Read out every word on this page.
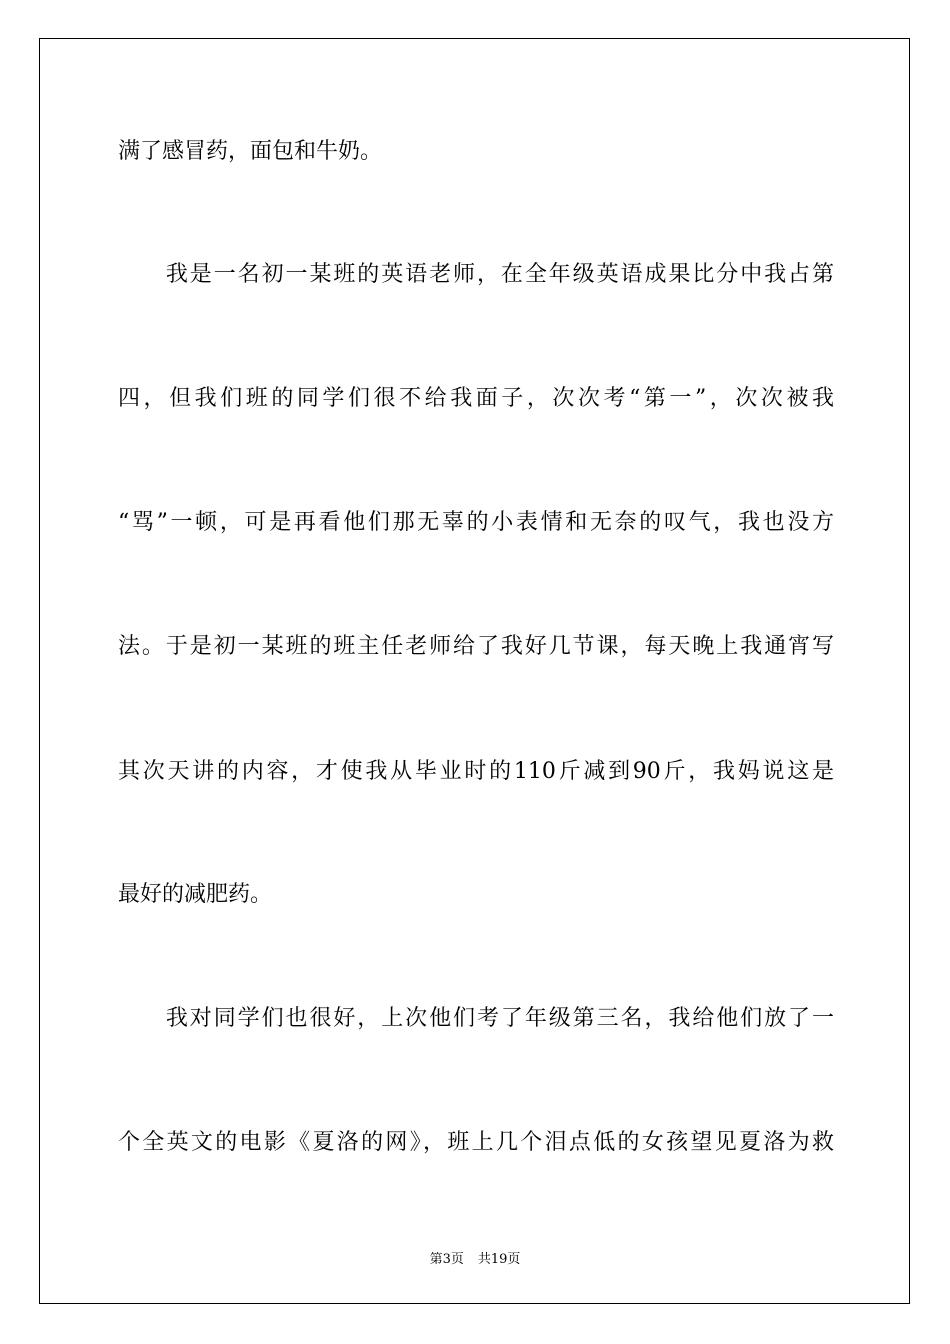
满了感冒药，面包和牛奶。
　　我是一名初一某班的英语老师，在全年级英语成果比分中我占第
四，但我们班的同学们很不给我面子，次次考“第一”，次次被我
“骂”一顿，可是再看他们那无辜的小表情和无奈的叹气，我也没方
法。于是初一某班的班主任老师给了我好几节课，每天晚上我通宵写
其次天讲的内容，才使我从毕业时的110斤减到90斤，我妈说这是
最好的减肥药。
　　我对同学们也很好，上次他们考了年级第三名，我给他们放了一
个全英文的电影《夏洛的网》，班上几个泪点低的女孩望见夏洛为救
第3页 共19页
